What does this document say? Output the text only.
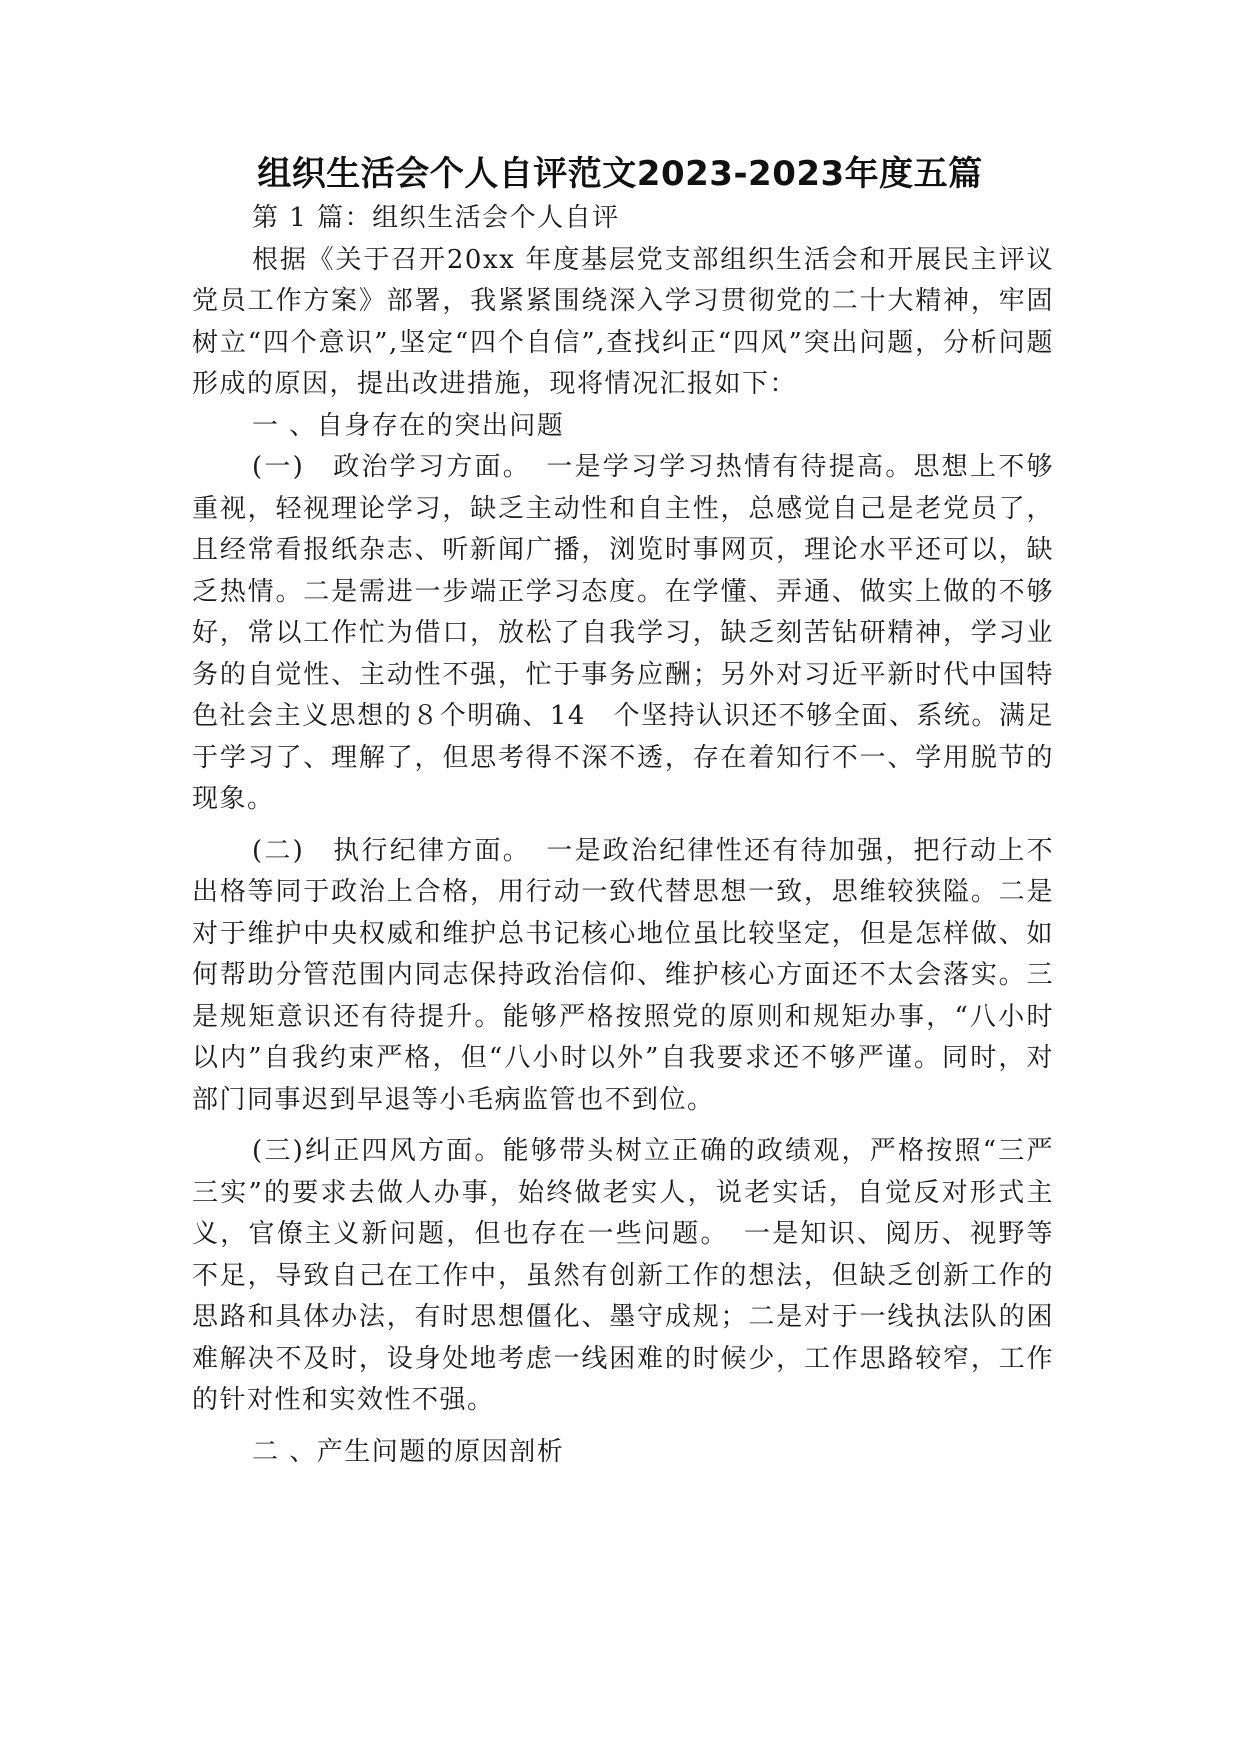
组织生活会个人自评范文2023-2023年度五篇

第 1 篇：组织生活会个人自评

根据《关于召开20xx 年度基层党支部组织生活会和开展民主评议党员工作方案》部署，我紧紧围绕深入学习贯彻党的二十大精神，牢固树立“四个意识”,坚定“四个自信”,查找纠正“四风”突出问题，分析问题形成的原因，提出改进措施，现将情况汇报如下：

一 、自身存在的突出问题

(一)　政治学习方面。　一是学习学习热情有待提高。思想上不够重视，轻视理论学习，缺乏主动性和自主性，总感觉自己是老党员了，且经常看报纸杂志、听新闻广播，浏览时事网页，理论水平还可以，缺乏热情。二是需进一步端正学习态度。在学懂、弄通、做实上做的不够好，常以工作忙为借口，放松了自我学习，缺乏刻苦钻研精神，学习业务的自觉性、主动性不强，忙于事务应酬；另外对习近平新时代中国特色社会主义思想的８个明确、14　个坚持认识还不够全面、系统。满足于学习了、理解了，但思考得不深不透，存在着知行不一、学用脱节的现象。

(二)　执行纪律方面。　一是政治纪律性还有待加强，把行动上不出格等同于政治上合格，用行动一致代替思想一致，思维较狭隘。二是对于维护中央权威和维护总书记核心地位虽比较坚定，但是怎样做、如何帮助分管范围内同志保持政治信仰、维护核心方面还不太会落实。三是规矩意识还有待提升。能够严格按照党的原则和规矩办事，“八小时以内”自我约束严格，但“八小时以外”自我要求还不够严谨。同时，对部门同事迟到早退等小毛病监管也不到位。

(三)纠正四风方面。能够带头树立正确的政绩观，严格按照“三严三实”的要求去做人办事，始终做老实人，说老实话，自觉反对形式主义，官僚主义新问题，但也存在一些问题。　一是知识、阅历、视野等不足，导致自己在工作中，虽然有创新工作的想法，但缺乏创新工作的思路和具体办法，有时思想僵化、墨守成规；二是对于一线执法队的困难解决不及时，设身处地考虑一线困难的时候少，工作思路较窄，工作的针对性和实效性不强。

二 、产生问题的原因剖析
